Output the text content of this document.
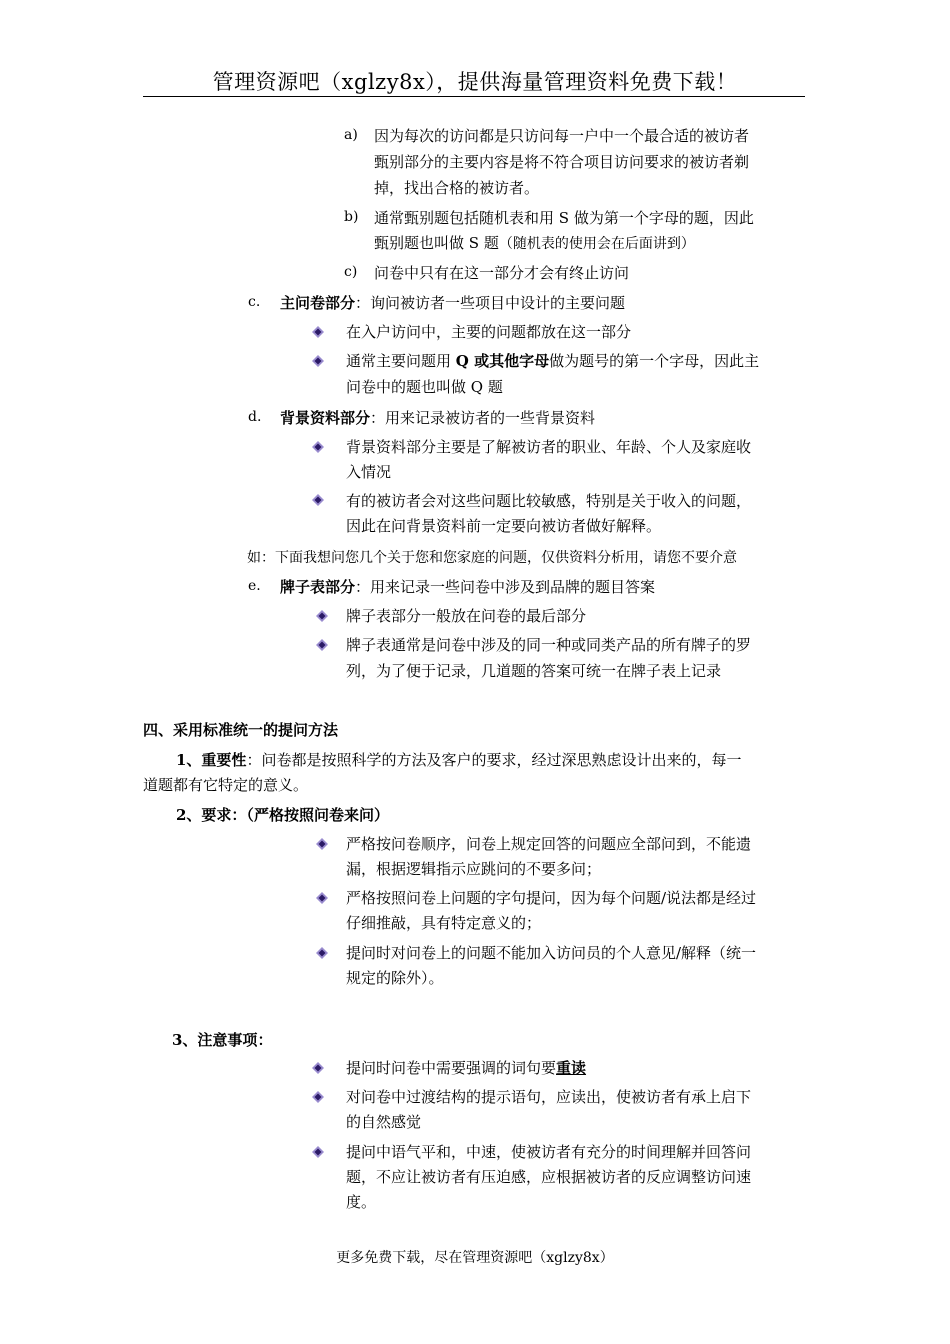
管理资源吧（xglzy8x），提供海量管理资料免费下载！
a) 因为每次的访问都是只访问每一户中一个最合适的被访者
甄别部分的主要内容是将不符合项目访问要求的被访者剃
掉，找出合格的被访者。
b) 通常甄别题包括随机表和用 S 做为第一个字母的题，因此
甄别题也叫做 S 题（随机表的使用会在后面讲到）
c) 问卷中只有在这一部分才会有终止访问
c. 主问卷部分：询问被访者一些项目中设计的主要问题
在入户访问中，主要的问题都放在这一部分
通常主要问题用 Q 或其他字母做为题号的第一个字母，因此主
问卷中的题也叫做 Q 题
d. 背景资料部分：用来记录被访者的一些背景资料
背景资料部分主要是了解被访者的职业、年龄、个人及家庭收
入情况
有的被访者会对这些问题比较敏感，特别是关于收入的问题，
因此在问背景资料前一定要向被访者做好解释。
如：下面我想问您几个关于您和您家庭的问题，仅供资料分析用，请您不要介意
e. 牌子表部分：用来记录一些问卷中涉及到品牌的题目答案
牌子表部分一般放在问卷的最后部分
牌子表通常是问卷中涉及的同一种或同类产品的所有牌子的罗
列，为了便于记录，几道题的答案可统一在牌子表上记录
四、采用标准统一的提问方法
1、重要性：问卷都是按照科学的方法及客户的要求，经过深思熟虑设计出来的，每一
道题都有它特定的意义。
2、要求：（严格按照问卷来问）
严格按问卷顺序，问卷上规定回答的问题应全部问到，不能遗
漏，根据逻辑指示应跳问的不要多问；
严格按照问卷上问题的字句提问，因为每个问题/说法都是经过
仔细推敲，具有特定意义的；
提问时对问卷上的问题不能加入访问员的个人意见/解释（统一
规定的除外）。
3、注意事项：
提问时问卷中需要强调的词句要重读
对问卷中过渡结构的提示语句，应读出，使被访者有承上启下
的自然感觉
提问中语气平和，中速，使被访者有充分的时间理解并回答问
题，不应让被访者有压迫感，应根据被访者的反应调整访问速
度。
更多免费下载，尽在管理资源吧（xglzy8x）
